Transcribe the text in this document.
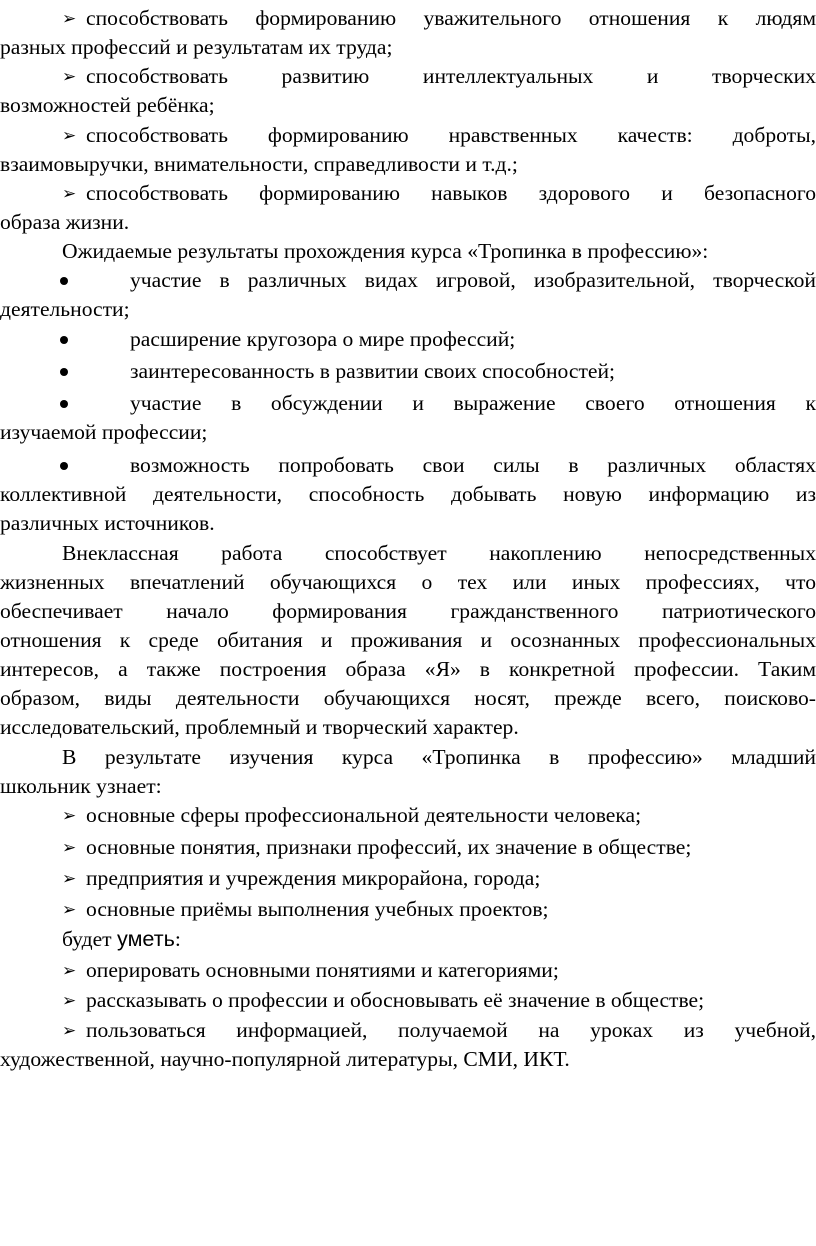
➢ способствовать формированию уважительного отношения к людям
разных профессий и результатам их труда;
➢ способствовать развитию интеллектуальных и творческих
возможностей ребёнка;
➢ способствовать формированию нравственных качеств: доброты,
взаимовыручки, внимательности, справедливости и т.д.;
➢ способствовать формированию навыков здорового и безопасного
образа жизни.
Ожидаемые результаты прохождения курса «Тропинка в профессию»:
участие в различных видах игровой, изобразительной, творческой
деятельности;
расширение кругозора о мире профессий;
заинтересованность в развитии своих способностей;
участие в обсуждении и выражение своего отношения к
изучаемой профессии;
возможность попробовать свои силы в различных областях
коллективной деятельности, способность добывать новую информацию из
различных источников.
Внеклассная работа способствует накоплению непосредственных
жизненных впечатлений обучающихся о тех или иных профессиях, что
обеспечивает начало формирования гражданственного патриотического
отношения к среде обитания и проживания и осознанных профессиональных
интересов, а также построения образа «Я» в конкретной профессии. Таким
образом, виды деятельности обучающихся носят, прежде всего, поисково-
исследовательский, проблемный и творческий характер.
В результате изучения курса «Тропинка в профессию» младший
школьник узнает:
➢ основные сферы профессиональной деятельности человека;
➢ основные понятия, признаки профессий, их значение в обществе;
➢ предприятия и учреждения микрорайона, города;
➢ основные приёмы выполнения учебных проектов;
будет уметь:
➢ оперировать основными понятиями и категориями;
➢ рассказывать о профессии и обосновывать её значение в обществе;
➢ пользоваться информацией, получаемой на уроках из учебной,
художественной, научно-популярной литературы, СМИ, ИКТ.
